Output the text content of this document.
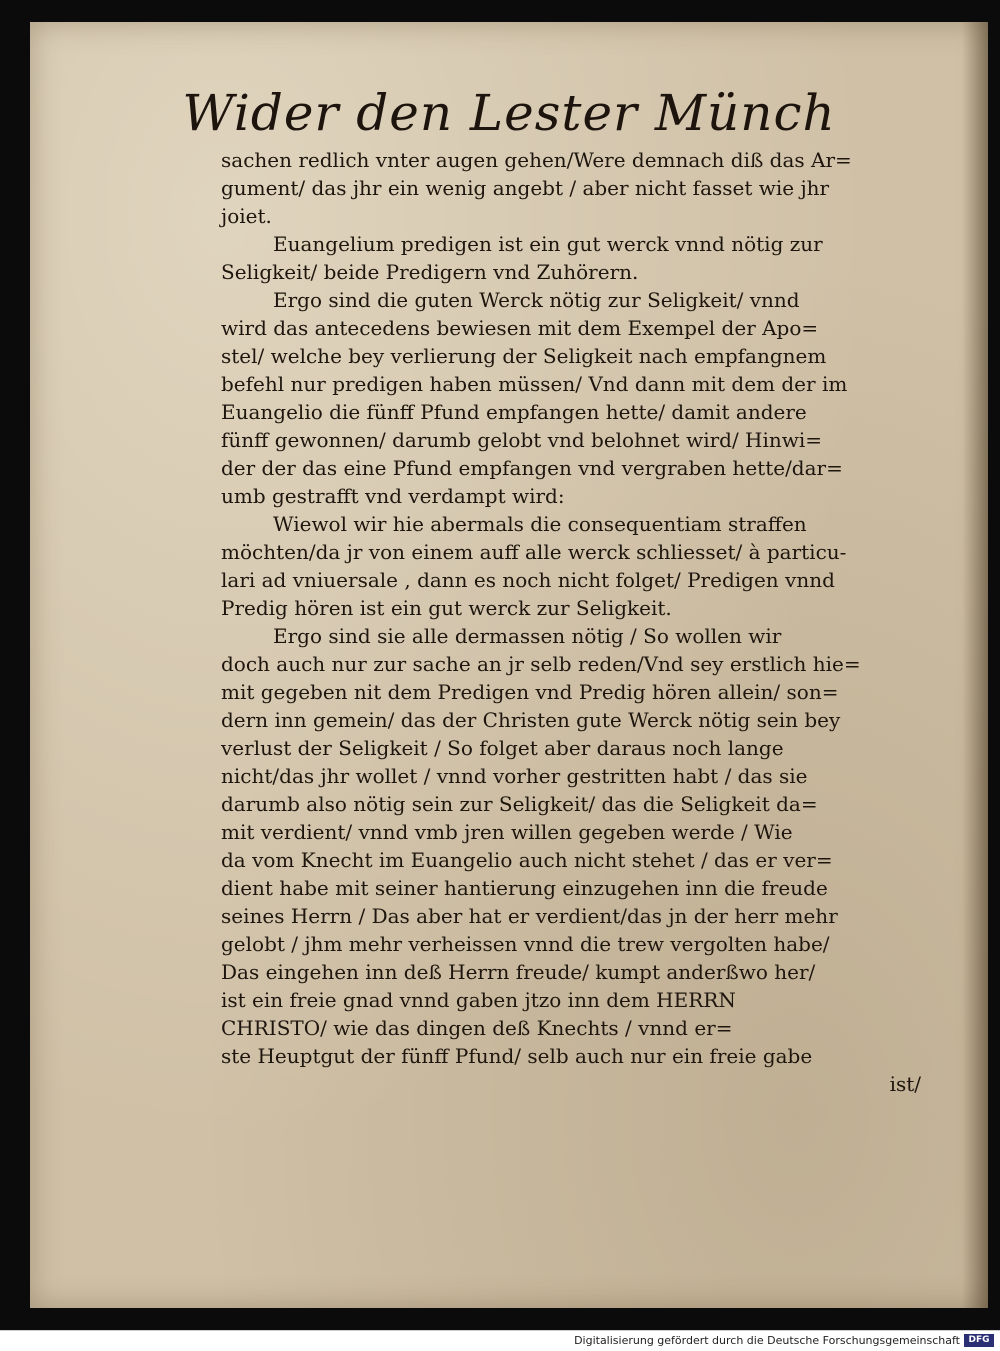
Wider den Lester Münch
sachen redlich vnter augen gehen/Were demnach diß das Ar=
gument/ das jhr ein wenig angebt / aber nicht fasset wie jhr
joiet.
Euangelium predigen ist ein gut werck vnnd nötig zur
Seligkeit/ beide Predigern vnd Zuhörern.
Ergo sind die guten Werck nötig zur Seligkeit/ vnnd
wird das antecedens bewiesen mit dem Exempel der Apo=
stel/ welche bey verlierung der Seligkeit nach empfangnem
befehl nur predigen haben müssen/ Vnd dann mit dem der im
Euangelio die fünff Pfund empfangen hette/ damit andere
fünff gewonnen/ darumb gelobt vnd belohnet wird/ Hinwi=
der der das eine Pfund empfangen vnd vergraben hette/dar=
umb gestrafft vnd verdampt wird:
Wiewol wir hie abermals die consequentiam straffen
möchten/da jr von einem auff alle werck schliesset/ à particu-
lari ad vniuersale , dann es noch nicht folget/ Predigen vnnd
Predig hören ist ein gut werck zur Seligkeit.
Ergo sind sie alle dermassen nötig / So wollen wir
doch auch nur zur sache an jr selb reden/Vnd sey erstlich hie=
mit gegeben nit dem Predigen vnd Predig hören allein/ son=
dern inn gemein/ das der Christen gute Werck nötig sein bey
verlust der Seligkeit / So folget aber daraus noch lange
nicht/das jhr wollet / vnnd vorher gestritten habt / das sie
darumb also nötig sein zur Seligkeit/ das die Seligkeit da=
mit verdient/ vnnd vmb jren willen gegeben werde / Wie
da vom Knecht im Euangelio auch nicht stehet / das er ver=
dient habe mit seiner hantierung einzugehen inn die freude
seines Herrn / Das aber hat er verdient/das jn der herr mehr
gelobt / jhm mehr verheissen vnnd die trew vergolten habe/
Das eingehen inn deß Herrn freude/ kumpt anderßwo her/
ist ein freie gnad vnnd gaben jtzo inn dem HERRN
CHRISTO/ wie das dingen deß Knechts / vnnd er=
ste Heuptgut der fünff Pfund/ selb auch nur ein freie gabe
ist/
Digitalisierung gefördert durch die Deutsche Forschungsgemeinschaft DFG
